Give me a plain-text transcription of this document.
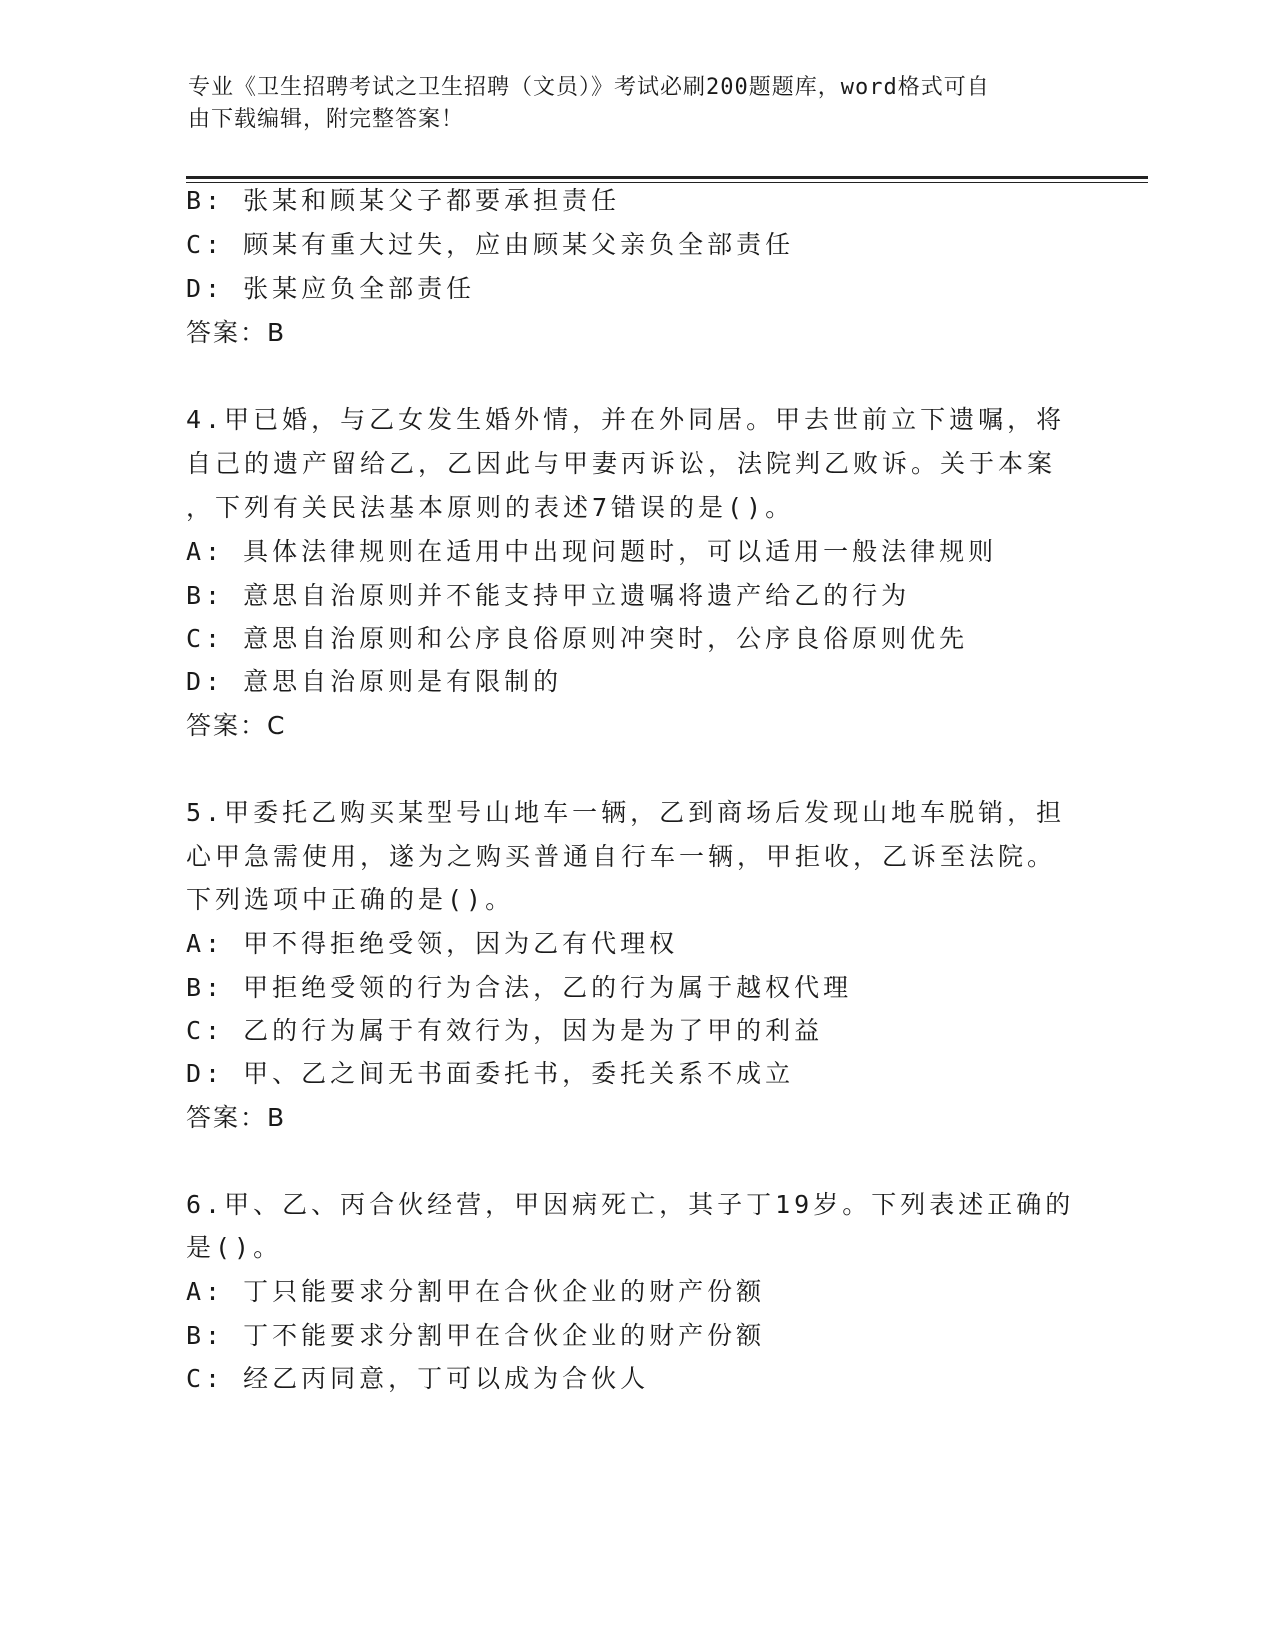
专业《卫生招聘考试之卫生招聘（文员）》考试必刷200题题库，word格式可自
由下载编辑，附完整答案！
B: 张某和顾某父子都要承担责任
C: 顾某有重大过失，应由顾某父亲负全部责任
D: 张某应负全部责任
答案：B
4.甲已婚，与乙女发生婚外情，并在外同居。甲去世前立下遗嘱，将
自己的遗产留给乙，乙因此与甲妻丙诉讼，法院判乙败诉。关于本案
，下列有关民法基本原则的表述7错误的是()。
A: 具体法律规则在适用中出现问题时，可以适用一般法律规则
B: 意思自治原则并不能支持甲立遗嘱将遗产给乙的行为
C: 意思自治原则和公序良俗原则冲突时，公序良俗原则优先
D: 意思自治原则是有限制的
答案：C
5.甲委托乙购买某型号山地车一辆，乙到商场后发现山地车脱销，担
心甲急需使用，遂为之购买普通自行车一辆，甲拒收，乙诉至法院。
下列选项中正确的是()。
A: 甲不得拒绝受领，因为乙有代理权
B: 甲拒绝受领的行为合法，乙的行为属于越权代理
C: 乙的行为属于有效行为，因为是为了甲的利益
D: 甲、乙之间无书面委托书，委托关系不成立
答案：B
6.甲、乙、丙合伙经营，甲因病死亡，其子丁19岁。下列表述正确的
是()。
A: 丁只能要求分割甲在合伙企业的财产份额
B: 丁不能要求分割甲在合伙企业的财产份额
C: 经乙丙同意，丁可以成为合伙人
